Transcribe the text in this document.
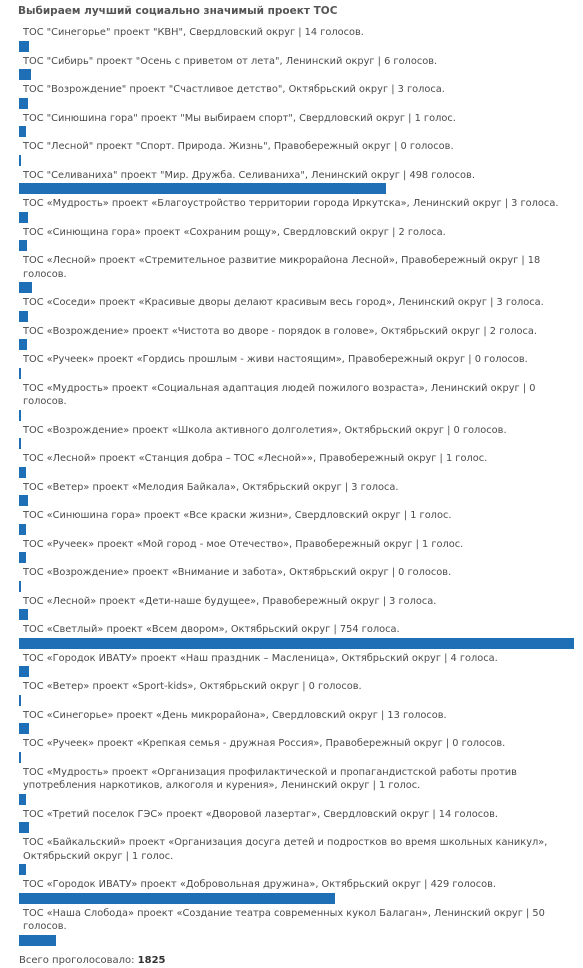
Выбираем лучший социально значимый проект ТОС
ТОС "Синегорье" проект "КВН", Свердловский округ | 14 голосов.
ТОС "Сибирь" проект "Осень с приветом от лета", Ленинский округ | 6 голосов.
ТОС "Возрождение" проект "Счастливое детство", Октябрьский округ | 3 голоса.
ТОС "Синюшина гора" проект "Мы выбираем спорт", Свердловский округ | 1 голос.
ТОС "Лесной" проект "Спорт. Природа. Жизнь", Правобережный округ | 0 голосов.
ТОС "Селиваниха" проект "Мир. Дружба. Селиваниха", Ленинский округ | 498 голосов.
ТОС «Мудрость» проект «Благоустройство территории города Иркутска», Ленинский округ | 3 голоса.
ТОС «Синющина гора» проект «Сохраним рощу», Свердловский округ | 2 голоса.
ТОС «Лесной» проект «Стремительное развитие микрорайона Лесной», Правобережный округ | 18 голосов.
ТОС «Соседи» проект «Красивые дворы делают красивым весь город», Ленинский округ | 3 голоса.
ТОС «Возрождение» проект «Чистота во дворе - порядок в голове», Октябрьский округ | 2 голоса.
ТОС «Ручеек» проект «Гордись прошлым - живи настоящим», Правобережный округ | 0 голосов.
ТОС «Мудрость» проект «Социальная адаптация людей пожилого возраста», Ленинский округ | 0 голосов.
ТОС «Возрождение» проект «Школа активного долголетия», Октябрьский округ | 0 голосов.
ТОС «Лесной» проект «Станция добра – ТОС «Лесной»», Правобережный округ | 1 голос.
ТОС «Ветер» проект «Мелодия Байкала», Октябрьский округ | 3 голоса.
ТОС «Синюшина гора» проект «Все краски жизни», Свердловский округ | 1 голос.
ТОС «Ручеек» проект «Мой город - мое Отечество», Правобережный округ | 1 голос.
ТОС «Возрождение» проект «Внимание и забота», Октябрьский округ | 0 голосов.
ТОС «Лесной» проект «Дети-наше будущее», Правобережный округ | 3 голоса.
ТОС «Светлый» проект «Всем двором», Октябрьский округ | 754 голоса.
ТОС «Городок ИВАТУ» проект «Наш праздник – Масленица», Октябрьский округ | 4 голоса.
ТОС «Ветер» проект «Sport-kids», Октябрьский округ | 0 голосов.
ТОС «Синегорье» проект «День микрорайона», Свердловский округ | 13 голосов.
ТОС «Ручеек» проект «Крепкая семья - дружная Россия», Правобережный округ | 0 голосов.
ТОС «Мудрость» проект «Организация профилактической и пропагандистской работы против употребления наркотиков, алкоголя и курения», Ленинский округ | 1 голос.
ТОС «Третий поселок ГЭС» проект «Дворовой лазертаг», Свердловский округ | 14 голосов.
ТОС «Байкальский» проект «Организация досуга детей и подростков во время школьных каникул», Октябрьский округ | 1 голос.
ТОС «Городок ИВАТУ» проект «Добровольная дружина», Октябрьский округ | 429 голосов.
ТОС «Наша Слобода» проект «Создание театра современных кукол Балаган», Ленинский округ | 50 голосов.
Всего проголосовало: 1825
